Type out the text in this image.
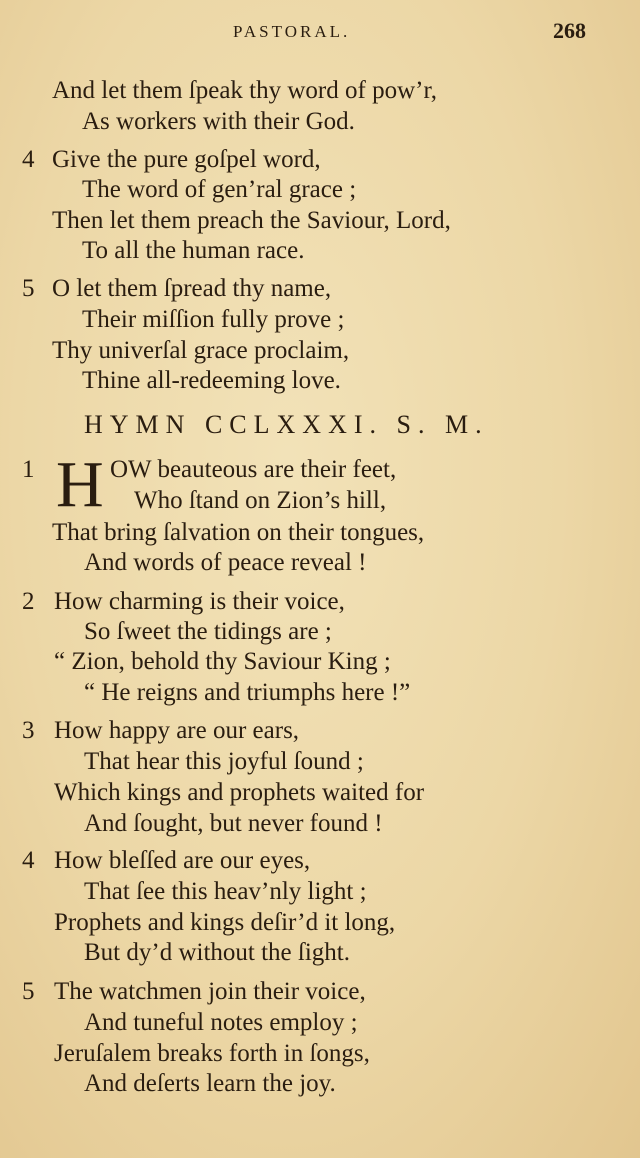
PASTORAL.	268
And let them ſpeak thy word of pow’r,
As workers with their God.
4 Give the pure goſpel word,
The word of gen’ral grace ;
Then let them preach the Saviour, Lord,
To all the human race.
5 O let them ſpread thy name,
Their miſſion fully prove ;
Thy univerſal grace proclaim,
Thine all-redeeming love.
HYMN CCLXXXI. S. M.
1 H OW beauteous are their feet,
Who ſtand on Zion’s hill,
That bring ſalvation on their tongues,
And words of peace reveal !
2 How charming is their voice,
So ſweet the tidings are ;
“ Zion, behold thy Saviour King ;
“ He reigns and triumphs here !”
3 How happy are our ears,
That hear this joyful ſound ;
Which kings and prophets waited for
And ſought, but never found !
4 How bleſſed are our eyes,
That ſee this heav’nly light ;
Prophets and kings deſir’d it long,
But dy’d without the ſight.
5 The watchmen join their voice,
And tuneful notes employ ;
Jeruſalem breaks forth in ſongs,
And deſerts learn the joy.
